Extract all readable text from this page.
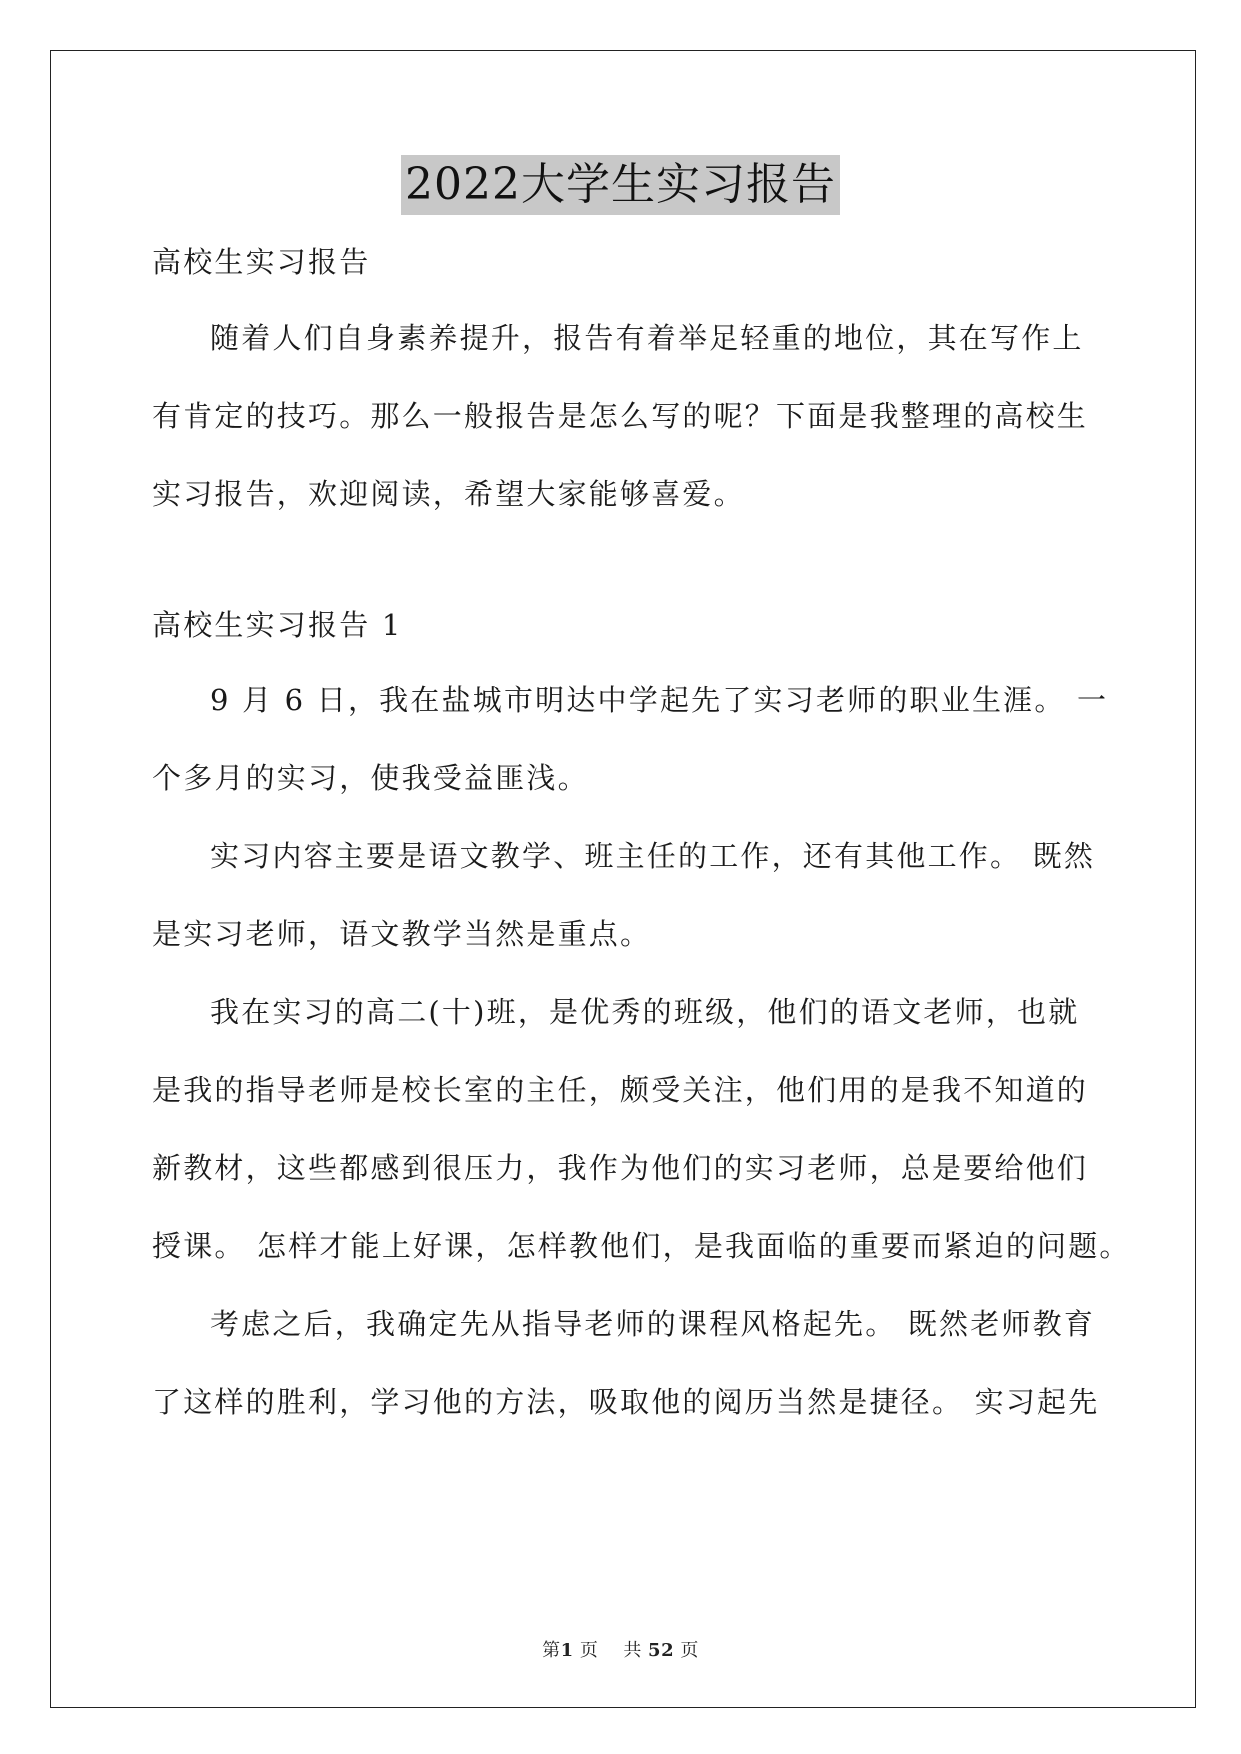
2022大学生实习报告
高校生实习报告
随着人们自身素养提升，报告有着举足轻重的地位，其在写作上
有肯定的技巧。那么一般报告是怎么写的呢？下面是我整理的高校生
实习报告，欢迎阅读，希望大家能够喜爱。
高校生实习报告 1
9 月 6 日，我在盐城市明达中学起先了实习老师的职业生涯。 一
个多月的实习，使我受益匪浅。
实习内容主要是语文教学、班主任的工作，还有其他工作。 既然
是实习老师，语文教学当然是重点。
我在实习的高二(十)班，是优秀的班级，他们的语文老师，也就
是我的指导老师是校长室的主任，颇受关注，他们用的是我不知道的
新教材，这些都感到很压力，我作为他们的实习老师，总是要给他们
授课。 怎样才能上好课，怎样教他们，是我面临的重要而紧迫的问题。
考虑之后，我确定先从指导老师的课程风格起先。 既然老师教育
了这样的胜利，学习他的方法，吸取他的阅历当然是捷径。 实习起先
第1 页 共 52 页
